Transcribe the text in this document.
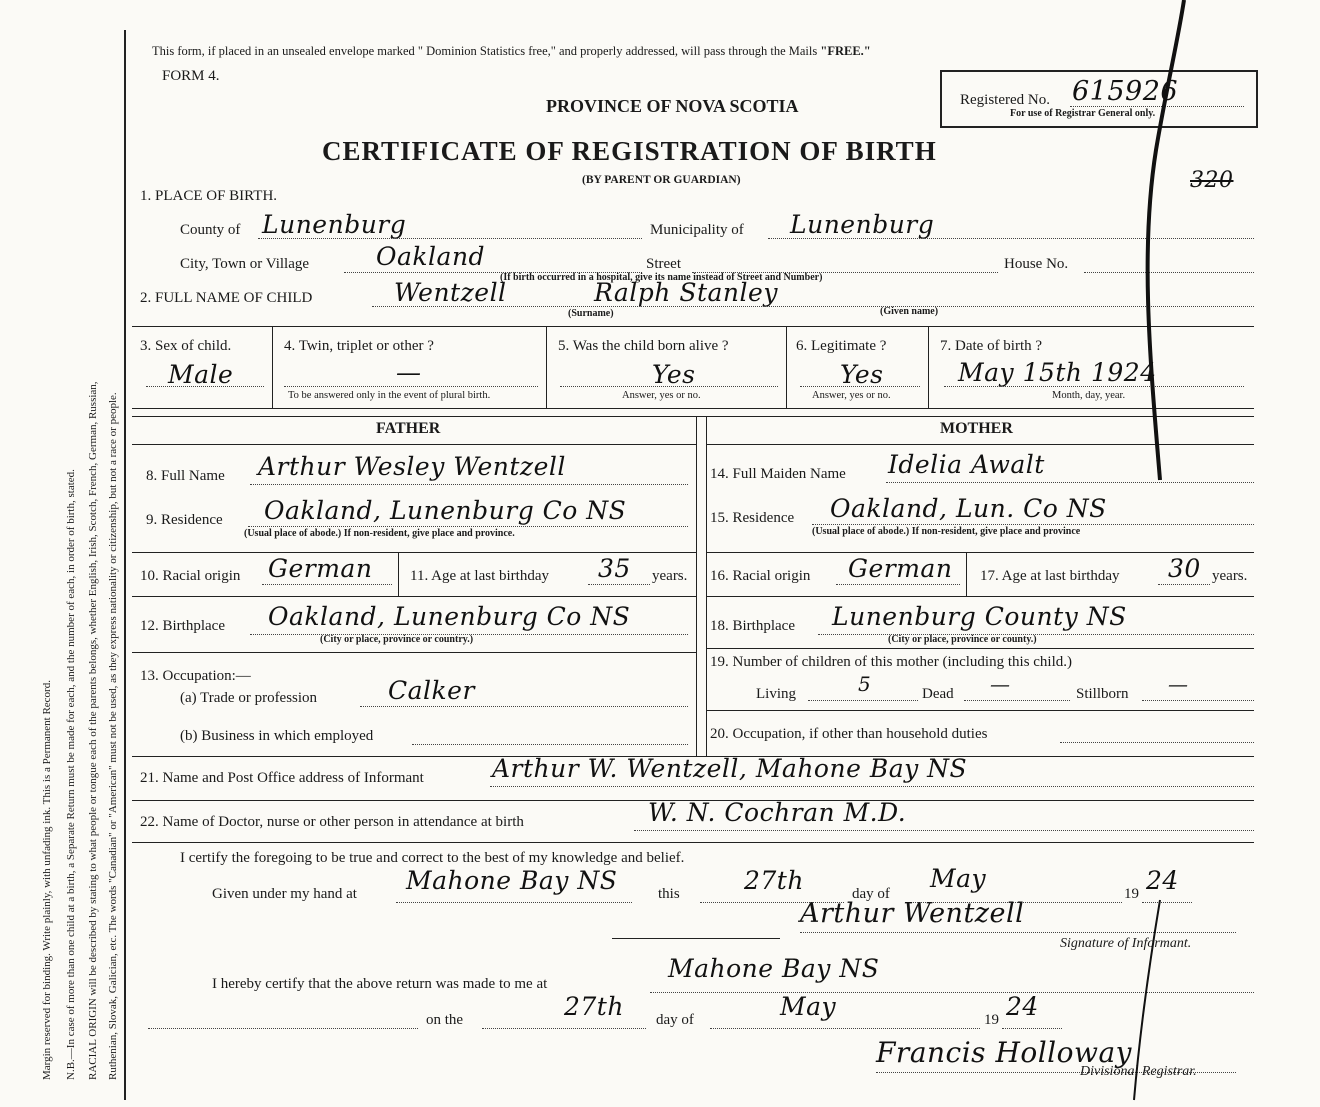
Margin reserved for binding. Write plainly, with unfading ink. This is a Permanent Record. N.B.—In case of more than one child at a birth, a Separate Return must be made for each, and the number of each, in order of birth, stated. RACIAL ORIGIN will be described by stating to what people or tongue each of the parents belongs, whether English, Irish, Scotch, French, German, Russian, Ruthenian, Slovak, Galician, etc. The words "Canadian" or "American" must not be used, as they express nationality or citizenship, but not a race or people.
This form, if placed in an unsealed envelope marked " Dominion Statistics free," and properly addressed, will pass through the Mails "FREE."
FORM 4.
PROVINCE OF NOVA SCOTIA
CERTIFICATE OF REGISTRATION OF BIRTH
(BY PARENT OR GUARDIAN)
Registered No. 615926
For use of Registrar General only.
320
1. PLACE OF BIRTH.
County of Lunenburg	Municipality of Lunenburg
City, Town or Village	Oakland	Street	House No.
(If birth occurred in a hospital, give its name instead of Street and Number)
2. FULL NAME OF CHILD	Wentzell	Ralph Stanley
(Surname)	(Given name)
3. Sex of child.
Male
4. Twin, triplet or other ?
—
To be answered only in the event of plural birth.
5. Was the child born alive ?
Yes
Answer, yes or no.
6. Legitimate ?
Yes
Answer, yes or no.
7. Date of birth ?
May 15th 1924
Month, day, year.
FATHER	MOTHER
8. Full Name Arthur Wesley Wentzell
9. Residence Oakland, Lunenburg Co NS
(Usual place of abode.) If non-resident, give place and province.
10. Racial origin German	11. Age at last birthday 35 years.
12. Birthplace Oakland, Lunenburg Co NS
(City or place, province or country.)
13. Occupation:—
(a) Trade or profession	Calker
(b) Business in which employed
14. Full Maiden Name Idelia Awalt
15. Residence Oakland, Lun. Co NS
(Usual place of abode.) If non-resident, give place and province
16. Racial origin German 17. Age at last birthday 30 years.
18. Birthplace Lunenburg County NS
(City or place, province or county.)
19. Number of children of this mother (including this child.)
Living	5	Dead —	Stillborn —
20. Occupation, if other than household duties
21. Name and Post Office address of Informant	Arthur W. Wentzell, Mahone Bay NS
22. Name of Doctor, nurse or other person in attendance at birth	W. N. Cochran M.D.
I certify the foregoing to be true and correct to the best of my knowledge and belief.
Given under my hand at Mahone Bay NS	this	27th	day of
May
19 24
Arthur Wentzell
Signature of Informant.
I hereby certify that the above return was made to me at
Mahone Bay NS
on the	27th day of	May	19 24
Francis Holloway
Divisional Registrar.
